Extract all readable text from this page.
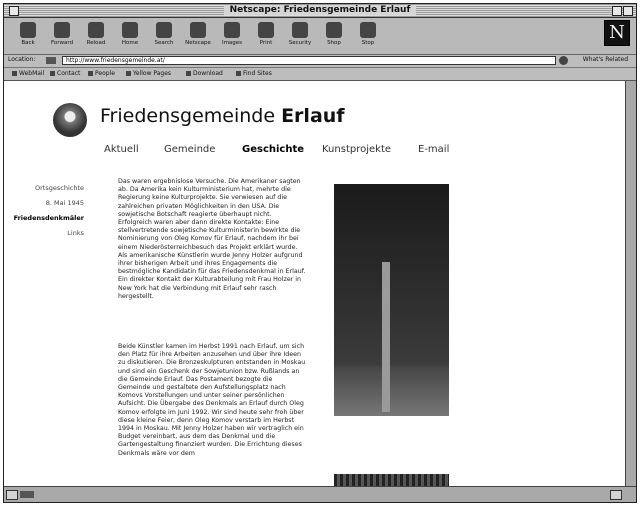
Netscape: Friedensgemeinde Erlauf
Back	Forward	Reload	Home	Search	Netscape	Images	Print	Security	Shop	Stop	N
Location:
http://www.friedensgemeinde.at/	What's Related
WebMail	Contact	People	Yellow Pages	Download	Find Sites
Friedensgemeinde Erlauf
Aktuell	Gemeinde	Geschichte Kunstprojekte	E-mail
Ortsgeschichte
8. Mai 1945
Friedensdenkmäler
Links

Das waren ergebnislose Versuche. Die Amerikaner sagten ab. Da Amerika kein Kulturministerium hat, mehrte die Regierung keine Kulturprojekte. Sie verwiesen auf die zahlreichen privaten Möglichkeiten in den USA. Die sowjetische Botschaft reagierte überhaupt nicht. Erfolgreich waren aber dann direkte Kontakte: Eine stellvertretende sowjetische Kulturministerin bewirkte die Nominierung von Oleg Komov für Erlauf, nachdem ihr bei einem Niederösterreichbesuch das Projekt erklärt wurde. Als amerikanische Künstlerin wurde Jenny Holzer aufgrund ihrer bisherigen Arbeit und ihres Engagements die bestmögliche Kandidatin für das Friedensdenkmal in Erlauf. Ein direkter Kontakt der Kulturabteilung mit Frau Holzer in New York hat die Verbindung mit Erlauf sehr rasch hergestellt.

Beide Künstler kamen im Herbst 1991 nach Erlauf, um sich den Platz für ihre Arbeiten anzusehen und über ihre Ideen zu diskutieren. Die Bronzeskulpturen entstanden in Moskau und sind ein Geschenk der Sowjetunion bzw. Rußlands an die Gemeinde Erlauf. Das Postament bezogte die Gemeinde und gestaltete den Aufstellungsplatz nach Komovs Vorstellungen und unter seiner persönlichen Aufsicht. Die Übergabe des Denkmals an Erlauf durch Oleg Komov erfolgte im Juni 1992. Wir sind heute sehr froh über diese kleine Feier, denn Oleg Komov verstarb im Herbst 1994 in Moskau. Mit Jenny Holzer haben wir vertraglich ein Budget vereinbart, aus dem das Denkmal und die Gartengestaltung finanziert wurden. Die Errichtung dieses Denkmals wäre vor dem
